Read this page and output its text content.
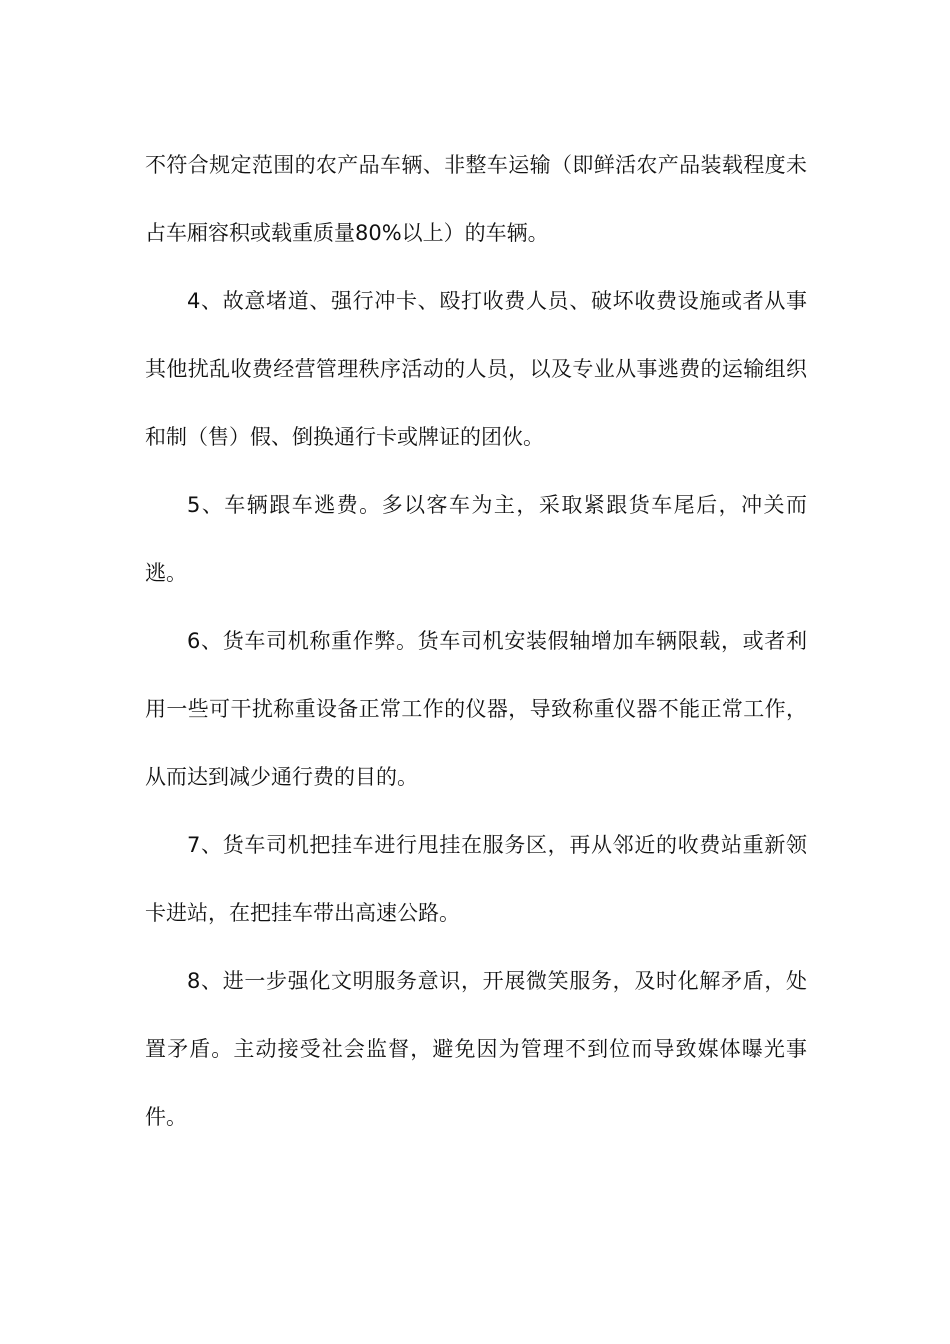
不符合规定范围的农产品车辆、非整车运输（即鲜活农产品装载程度未占车厢容积或载重质量80%以上）的车辆。

4、故意堵道、强行冲卡、殴打收费人员、破坏收费设施或者从事其他扰乱收费经营管理秩序活动的人员，以及专业从事逃费的运输组织和制（售）假、倒换通行卡或牌证的团伙。

5、车辆跟车逃费。多以客车为主，采取紧跟货车尾后，冲关而逃。

6、货车司机称重作弊。货车司机安装假轴增加车辆限载，或者利用一些可干扰称重设备正常工作的仪器，导致称重仪器不能正常工作，从而达到减少通行费的目的。

7、货车司机把挂车进行甩挂在服务区，再从邻近的收费站重新领卡进站，在把挂车带出高速公路。

8、进一步强化文明服务意识，开展微笑服务，及时化解矛盾，处置矛盾。主动接受社会监督，避免因为管理不到位而导致媒体曝光事件。
